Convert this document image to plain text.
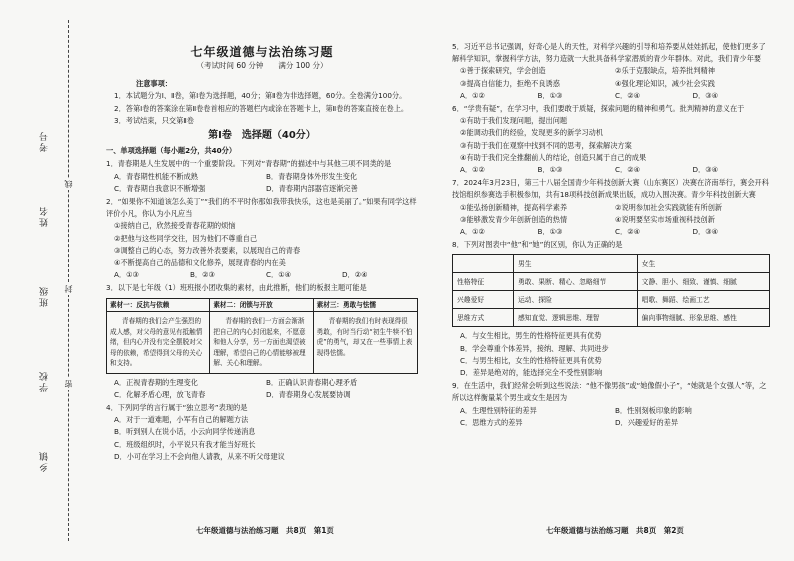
考号
姓名
班级
学校
乡镇
线
封
密
七年级道德与法治练习题
（考试时间 60 分钟　　满分 100 分）
注意事项：
1．本试题分为Ⅰ、Ⅱ卷，第Ⅰ卷为选择题，40分；第Ⅱ卷为非选择题，60分。全卷满分100分。
2．答第Ⅰ卷的答案涂在第Ⅱ卷卷首相应的答题栏内或涂在答题卡上，第Ⅱ卷的答案直接在卷上。
3．考试结束，只交第Ⅱ卷
第Ⅰ卷　选择题（40分）
一、单项选择题（每小题2分，共40分）
1．青春期是人生发展中的一个重要阶段。下列对“青春期”的描述中与其他三项不同类的是
A．青春期性机能不断成熟	B．青春期身体外形发生变化
C．青春期自我意识不断增强	D．青春期内部器官逐渐完善
2．“如果你不知道该怎么美丁”“我们的不平时你那如我带我快乐，这也是美丽了。”如果有同学这样评价小凡，你认为小凡应当
①接纳自己，欣然接受青春花期的烦恼
②把他与这些同学交往，因为他们不尊重自己
③调整自己的心态，努力改善外表要素，以展现自己的青春
④不断提高自己的品德和文化修养，展现青春的内在美
A．①③	B．②③	C．①④	D．②④
3．以下是七年级（1）班班报小团收集的素材，由此推断，他们的板报主题可能是
素材一：反抗与依赖
青春期的我们会产生强烈的成人感，对父母的意见有抵触情绪，但内心并没有完全摆脱对父母的依赖，希望得到父母的关心和支持。
素材二：闭锁与开放
青春期的我们一方面会渐渐把自己的内心封闭起来，不愿意和他人分享，另一方面也渴望被理解，希望自己的心情能够被理解、关心和理解。
素材三：勇敢与怯懦
青春期的我们有时表现得很勇敢，有时当行动“初生牛犊不怕虎”的勇气，却又在一些事情上表现得怯懦。
A．正视青春期的生理变化	B．正确认识青春期心理矛盾
C．化解矛盾心理，放飞青春	D．青春期身心发展要协调
4．下列同学的言行属于“独立思考”表现的是
A．对于一道难题，小军有自己的解题方法
B．听到别人在说小话，小云向同学传递消息
C．班级组织时，小平说只有我才能当好班长
D．小可在学习上不会向他人请教，从来不听父母建议
5．习近平总书记强调，好奇心是人的天性，对科学兴趣的引导和培养要从娃娃抓起，使他们更多了解科学知识，掌握科学方法，努力造就一大批具备科学家潜质的青少年群体。对此，我们青少年要
①善于探索研究，学会创造	②乐于克服缺点，培养批判精神
③提高自信能力，拒绝不良诱惑	④强化理论知识，减少社会实践
A．①②	B．①③	C．②④	D．③④
6．“学贵有疑”，在学习中，我们要敢于质疑，探索问题的精神和勇气。批判精神的意义在于
①有助于我们发现问题，提出问题
②能调动我们的经验，发现更多的新学习动机
③有助于我们在观察中找到不同的思考，探索解决方案
④有助于我们完全推翻前人的结论，创造只属于自己的成果
A．①②	B．①③	C．②④	D．③④
7．2024年3月23日，第三十八届全国青少年科技创新大赛（山东赛区）决赛在济南举行，赛会开科技馆组织参赛选手积极参加，共有18项科技创新成果出版，成功入围决赛。青少年科技创新大赛
①能弘扬创新精神，提高科学素养	②说明参加社会实践就能有所创新
③能够激发青少年创新创造的热情	④说明要坚实市场重视科技创新
A．①②	B．①③	C．②④	D．③④
8．下列对图表中“他”和“她”的区别，你认为正确的是
	男生	女生
性格特征	勇敢、果断、精心、忽略细节	文静、胆小、细致、谨慎、细腻
兴趣爱好	运动、探险	唱歌、舞蹈、绘画工艺
思维方式	感知直觉、逻辑思维、理智	偏向事物细腻、形象思维、感性
A．与女生相比，男生的性格特征更具有优势
B．学会尊重个体差异，接纳、理解、共同进步
C．与男生相比，女生的性格特征更具有优势
D．差异是绝对的，能选择完全不受性别影响
9．在生活中，我们经常会听到这些说法：“他不像男孩”或“她像假小子”，“她就是个女强人”等，之所以这样衡量某个男生或女生是因为
A．生理性别特征的差异	B．性别刻板印象的影响
C．思维方式的差异	D．兴趣爱好的差异
七年级道德与法治练习题　共8页　第1页	七年级道德与法治练习题　共8页　第2页
